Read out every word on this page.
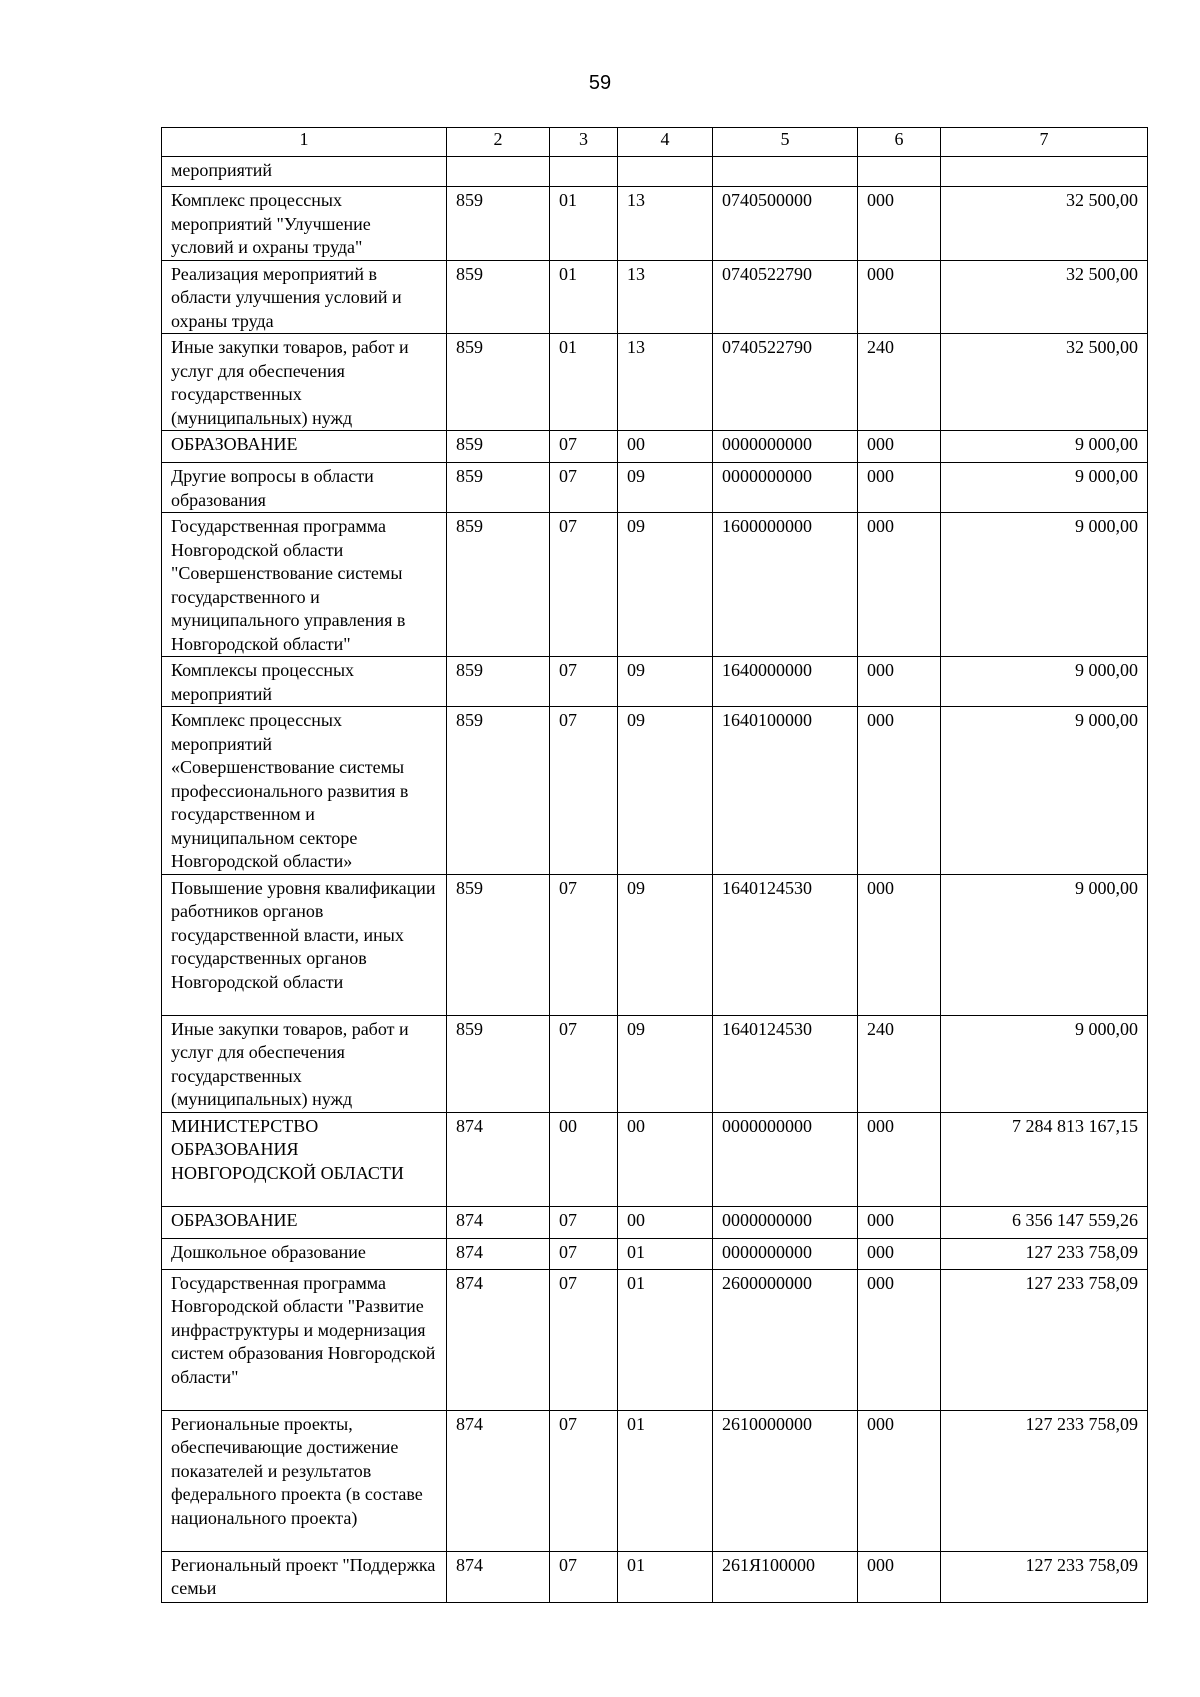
59
1	2	3	4	5	6	7
мероприятий						
Комплекс процессных мероприятий "Улучшение условий и охраны труда"	859	01	13	0740500000	000	32 500,00
Реализация мероприятий в области улучшения условий и охраны труда	859	01	13	0740522790	000	32 500,00
Иные закупки товаров, работ и услуг для обеспечения государственных (муниципальных) нужд	859	01	13	0740522790	240	32 500,00
ОБРАЗОВАНИЕ	859	07	00	0000000000	000	9 000,00
Другие вопросы в области образования	859	07	09	0000000000	000	9 000,00
Государственная программа Новгородской области "Совершенствование системы государственного и муниципального управления в Новгородской области"	859	07	09	1600000000	000	9 000,00
Комплексы процессных мероприятий	859	07	09	1640000000	000	9 000,00
Комплекс процессных мероприятий «Совершенствование системы профессионального развития в государственном и муниципальном секторе Новгородской области»	859	07	09	1640100000	000	9 000,00
Повышение уровня квалификации работников органов государственной власти, иных государственных органов Новгородской области	859	07	09	1640124530	000	9 000,00
Иные закупки товаров, работ и услуг для обеспечения государственных (муниципальных) нужд	859	07	09	1640124530	240	9 000,00
МИНИСТЕРСТВО ОБРАЗОВАНИЯ НОВГОРОДСКОЙ ОБЛАСТИ	874	00	00	0000000000	000	7 284 813 167,15
ОБРАЗОВАНИЕ	874	07	00	0000000000	000	6 356 147 559,26
Дошкольное образование	874	07	01	0000000000	000	127 233 758,09
Государственная программа Новгородской области "Развитие инфраструктуры и модернизация систем образования Новгородской области"	874	07	01	2600000000	000	127 233 758,09
Региональные проекты, обеспечивающие достижение показателей и результатов федерального проекта (в составе национального проекта)	874	07	01	2610000000	000	127 233 758,09
Региональный проект "Поддержка семьи	874	07	01	261Я100000	000	127 233 758,09
